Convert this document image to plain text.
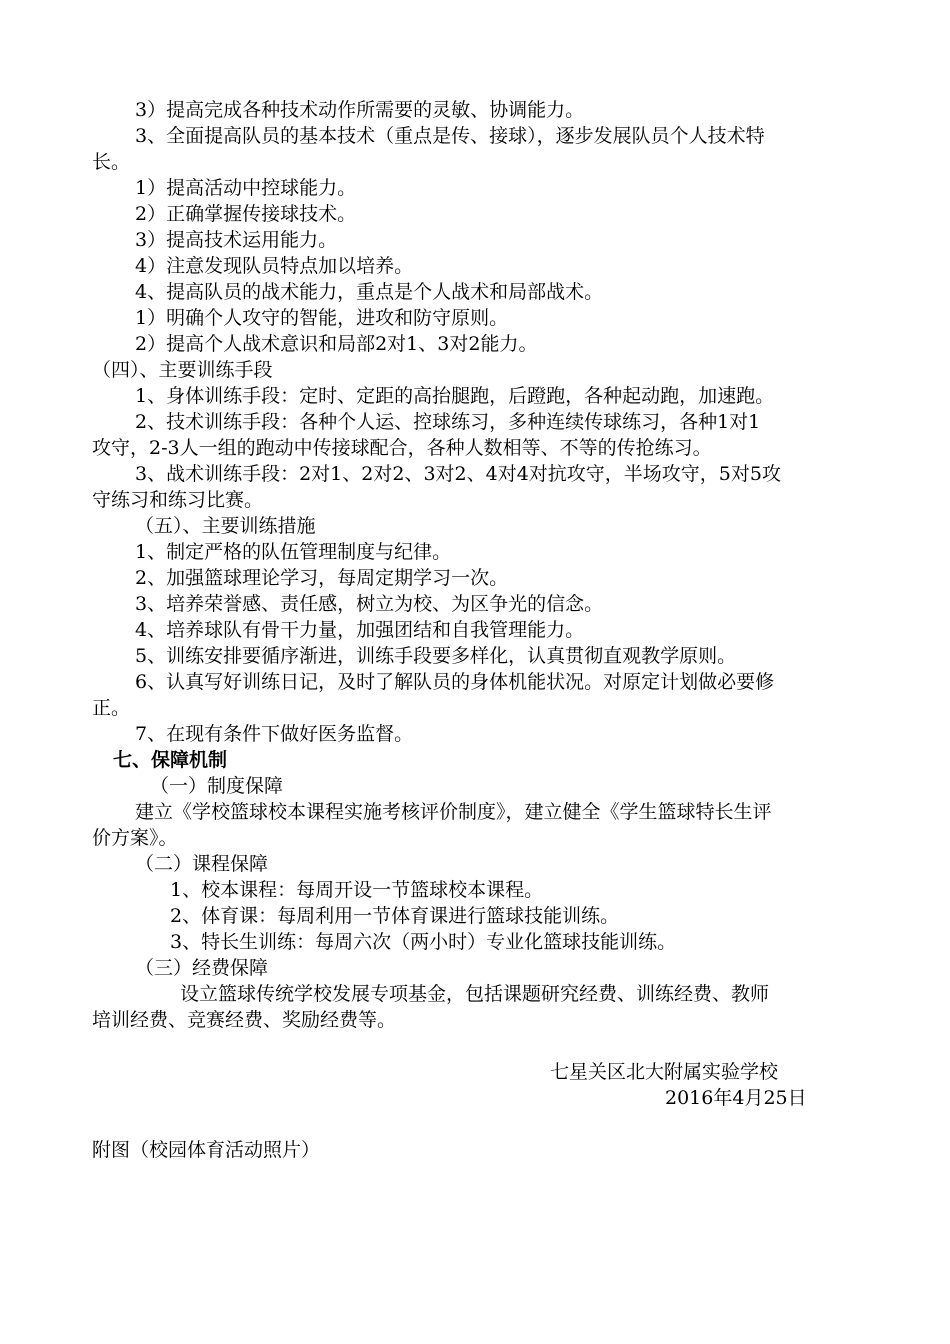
3）提高完成各种技术动作所需要的灵敏、协调能力。
3、全面提高队员的基本技术（重点是传、接球），逐步发展队员个人技术特
长。
1）提高活动中控球能力。
2）正确掌握传接球技术。
3）提高技术运用能力。
4）注意发现队员特点加以培养。
4、提高队员的战术能力，重点是个人战术和局部战术。
1）明确个人攻守的智能，进攻和防守原则。
2）提高个人战术意识和局部2对1、3对2能力。
（四）、主要训练手段
1、身体训练手段：定时、定距的高抬腿跑，后蹬跑，各种起动跑，加速跑。
2、技术训练手段：各种个人运、控球练习，多种连续传球练习，各种1对1
攻守，2-3人一组的跑动中传接球配合，各种人数相等、不等的传抢练习。
3、战术训练手段：2对1、2对2、3对2、4对4对抗攻守，半场攻守，5对5攻
守练习和练习比赛。
（五）、主要训练措施
1、制定严格的队伍管理制度与纪律。
2、加强篮球理论学习，每周定期学习一次。
3、培养荣誉感、责任感，树立为校、为区争光的信念。
4、培养球队有骨干力量，加强团结和自我管理能力。
5、训练安排要循序渐进，训练手段要多样化，认真贯彻直观教学原则。
6、认真写好训练日记，及时了解队员的身体机能状况。对原定计划做必要修
正。
7、在现有条件下做好医务监督。
七、保障机制
（一）制度保障
建立《学校篮球校本课程实施考核评价制度》，建立健全《学生篮球特长生评
价方案》。
（二）课程保障
1、校本课程：每周开设一节篮球校本课程。
2、体育课：每周利用一节体育课进行篮球技能训练。
3、特长生训练：每周六次（两小时）专业化篮球技能训练。
（三）经费保障
设立篮球传统学校发展专项基金，包括课题研究经费、训练经费、教师
培训经费、竞赛经费、奖励经费等。
七星关区北大附属实验学校
2016年4月25日
附图（校园体育活动照片）
